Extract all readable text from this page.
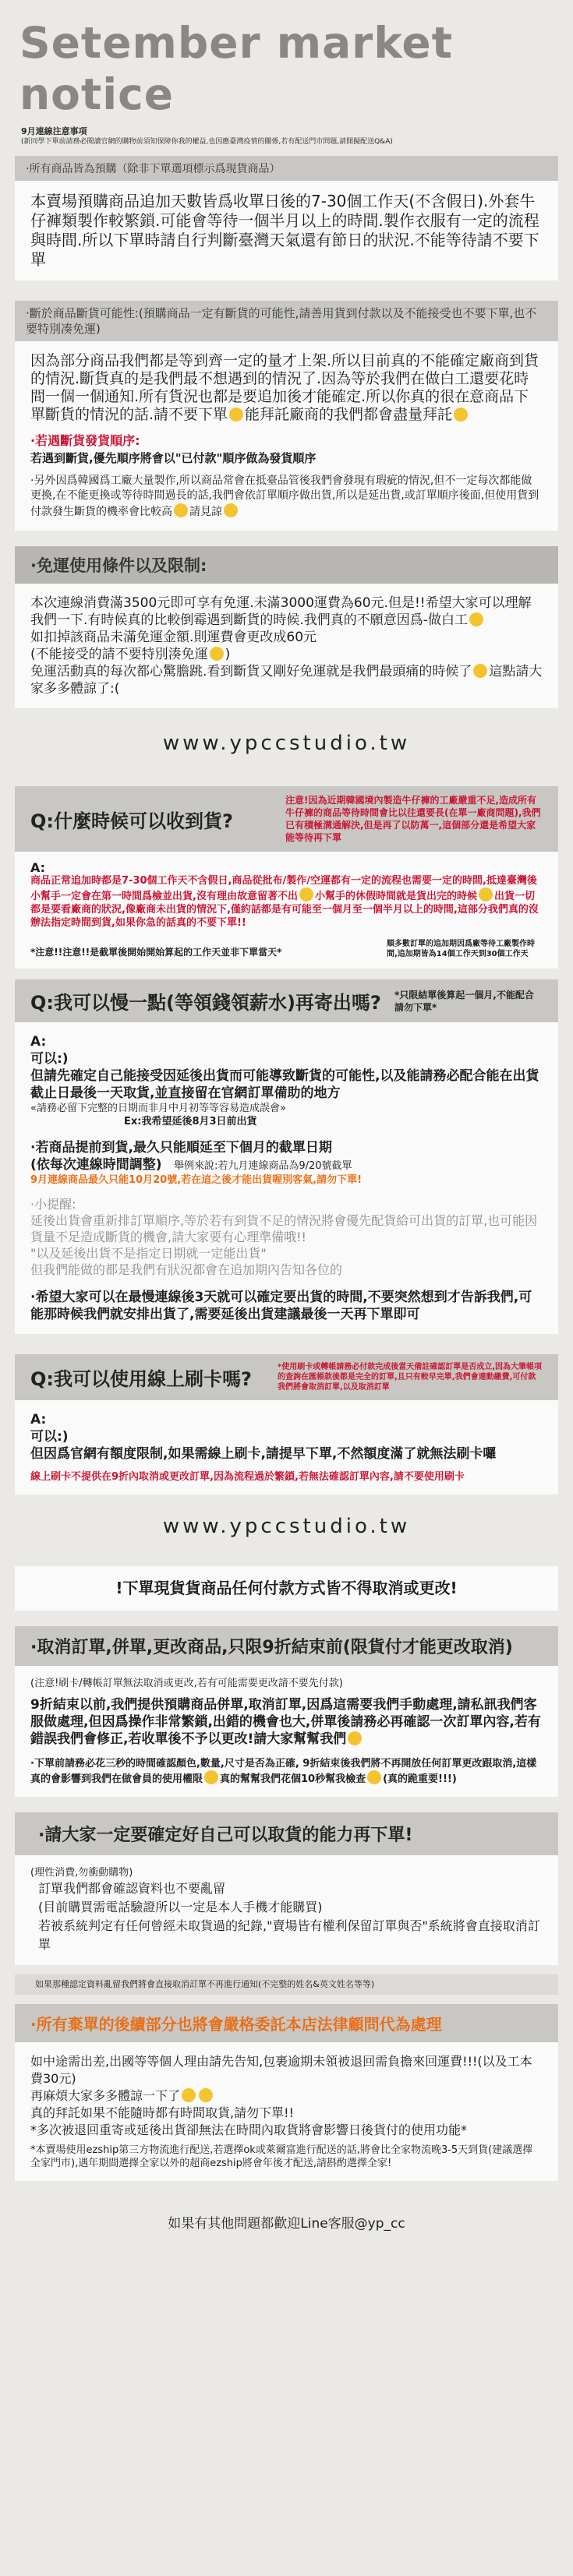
Setember market notice
9月連線注意事項
(新同學下單前請務必閱讀官網的購物前須知保障你我的權益,也因應臺灣疫情的關係,若有配送門市問題,請開擬配送Q&A)
·所有商品皆為預購（除非下單選項標示爲現貨商品）
本賣場預購商品追加天數皆爲收單日後的7-30個工作天(不含假日).外套牛仔褲類製作較繁鎖.可能會等待一個半月以上的時間.製作衣服有一定的流程與時間.所以下單時請自行判斷臺灣天氣還有節日的狀況.不能等待請不要下單
·斷於商品斷貨可能性:(預購商品一定有斷貨的可能性,請善用貨到付款以及不能接受也不要下單,也不要特別凑免運)
因為部分商品我們都是等到齊一定的量才上架.所以目前真的不能確定廠商到貨的情況.斷貨真的是我們最不想遇到的情況了.因為等於我們在做白工還要花時間一個一個通知.所有貨況也都是要追加後才能確定.所以你真的很在意商品下單斷貨的情況的話.請不要下單 能拜託廠商的我們都會盡量拜託
·若遇斷貨發貨順序:
若遇到斷貨,優先順序將會以"已付款"順序做為發貨順序
·另外因爲韓國爲工廠大量製作,所以商品常會在抵臺品管後我們會發現有瑕疵的情況,但不一定每次都能做更換,在不能更換或等待時間過長的話,我們會依訂單順序做出貨,所以是延出貨,或訂單順序後面,但使用貨到付款發生斷貨的機率會比較高 請見諒
·免運使用條件以及限制:
本次連線消費滿3500元即可享有免運.未滿3000運費為60元.但是!!希望大家可以理解我們一下.有時候真的比較倒霉遇到斷貨的時候.我們真的不願意因爲-做白工
如扣掉該商品未滿免運金額.則運費會更改成60元
(不能接受的請不要特別湊免運 )
免運活動真的每次都心驚膽跳.看到斷貨又剛好免運就是我們最頭痛的時候了 這點請大家多多體諒了:(
www.ypccstudio.tw
Q:什麼時候可以收到貨?
注意!因為近期韓國境內製造牛仔褲的工廠嚴重不足,造成所有牛仔褲的商品等待時間會比以往還要長(在單一廠商問題),我們已有積極溝通解決,但是再了以防萬一,這個部分還是希望大家能等待再下單
A:
商品正常追加時都是7-30個工作天不含假日,商品從批布/製作/空運都有一定的流程也需要一定的時間,抵達臺灣後小幫手一定會在第一時間爲檢並出貨,沒有理由故意留著不出 小幫手的休假時間就是貨出完的時候 出貨一切都是要看廠商的狀況,像廠商未出貨的情況下,僅約話都是有可能至一個月至一個半月以上的時間,這部分我們真的沒辦法指定時間到貨,如果你急的話真的不要下單!!
*注意!!注意!!是截單後開始開始算起的工作天並非下單當天*
順多數訂單的追加期因爲廠等待工廠製作時間,追加期皆為14個工作天到30個工作天
Q:我可以慢一點(等領錢領薪水)再寄出嗎? *只限結單後算起一個月,不能配合請勿下單*
A:
可以:)
但請先確定自己能接受因延後出貨而可能導致斷貨的可能性,以及能請務必配合能在出貨截止日最後一天取貨,並直接留在官網訂單備助的地方
«請務必留下完整的日期而非月中月初等等容易造成誤會»
Ex:我希望延後8月3日前出貨
·若商品提前到貨,最久只能順延至下個月的截單日期
(依每次連線時間調整) 舉例來說:若九月連線商品為9/20號截單
9月連線商品最久只能10月20號,若在這之後才能出貨喔別客氣,請勿下單!
·小提醒:
延後出貨會重新排訂單順序,等於若有到貨不足的情況將會優先配貨給可出貨的訂單,也可能因貨量不足造成斷貨的機會,請大家要有心理準備哦!!
"以及延後出貨不是指定日期就一定能出貨"
但我們能做的都是我們有狀況都會在追加期內告知各位的
·希望大家可以在最慢連線後3天就可以確定要出貨的時間,不要突然想到才告訴我們,可能那時候我們就安排出貨了,需要延後出貨建議最後一天再下單即可
Q:我可以使用線上刷卡嗎?
*使用刷卡或轉帳請務必付款完成後當天備註確認訂單是否成立,因為大筆帳項的查詢在匯帳款後都是完全的訂單,且只有較早完單,我們會連動繳費,可付款我們將會取消訂單,以及取消訂單
A:
可以:)
但因爲官網有額度限制,如果需線上刷卡,請提早下單,不然額度滿了就無法刷卡囉
線上刷卡不提供在9折內取消或更改訂單,因為流程過於繁鎖,若無法確認訂單內容,請不要使用刷卡
www.ypccstudio.tw
!下單現貨貨商品任何付款方式皆不得取消或更改!
·取消訂單,併單,更改商品,只限9折結束前(限貨付才能更改取消)
(注意!刷卡/轉帳訂單無法取消或更改,若有可能需要更改請不要先付款)
9折結束以前,我們提供預購商品併單,取消訂單,因爲這需要我們手動處理,請私訊我們客服做處理,但因爲操作非常繁鎖,出錯的機會也大,併單後請務必再確認一次訂單內容,若有錯誤我們會修正,若收單後不予以更改!請大家幫幫我們
·下單前請務必花三秒的時間確認顏色,數量,尺寸是否為正確, 9折結束後我們將不再開放任何訂單更改跟取消,這樣真的會影響到我們在做會員的使用權限 真的幫幫我們花個10秒幫我檢查 (真的跪重要!!!)
·請大家一定要確定好自己可以取貨的能力再下單!
(理性消費,勿衝動購物)
訂單我們都會確認資料也不要亂留
(目前購買需電話驗證所以一定是本人手機才能購買)
若被系統判定有任何曾經未取貨過的紀錄,"賣場皆有權利保留訂單與否"系統將會直接取消訂單
如果那種認定資料亂留我們將會直接取消訂單不再進行通知(不完整的姓名&英文姓名等等)
·所有棄單的後續部分也將會嚴格委託本店法律顧問代為處理
如中途需出差,出國等等個人理由請先告知,包裹逾期未領被退回需負擔來回運費!!!(以及工本費30元)
再麻煩大家多多體諒一下了
真的拜託如果不能隨時都有時間取貨,請勿下單!!
*多次被退回重寄或延後出貨卻無法在時間內取貨將會影響日後貨付的使用功能*
*本賣場使用ezship第三方物流進行配送,若選擇ok或萊爾富進行配送的話,將會比全家物流晚3-5天到貨(建議選擇全家門市),遇年期間選擇全家以外的超商ezship將會年後才配送,請斟酌選擇全家!
如果有其他問題都歡迎Line客服@yp_cc
